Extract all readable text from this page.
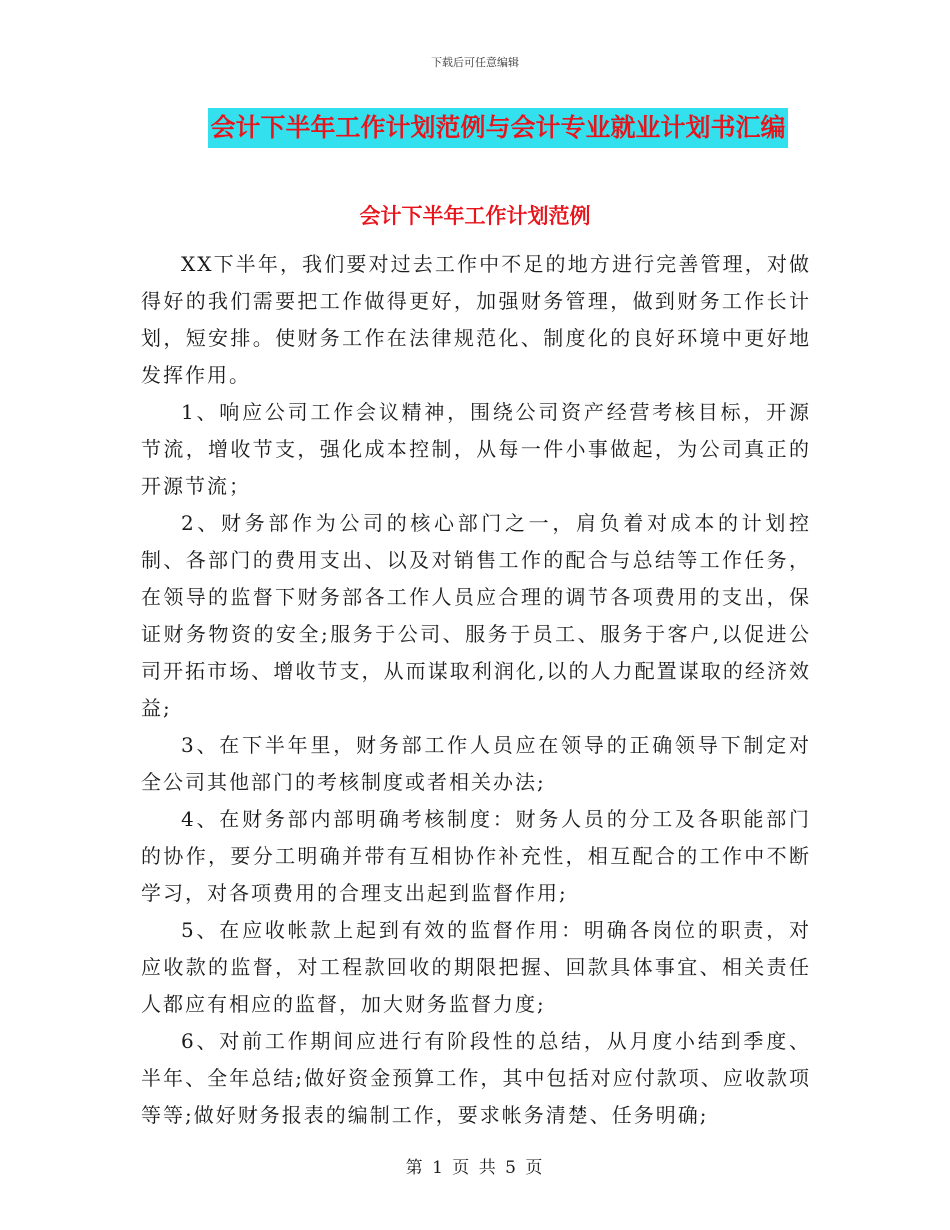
下载后可任意编辑
会计下半年工作计划范例与会计专业就业计划书汇编
会计下半年工作计划范例

XX下半年，我们要对过去工作中不足的地方进行完善管理，对做得好的我们需要把工作做得更好，加强财务管理，做到财务工作长计划，短安排。使财务工作在法律规范化、制度化的良好环境中更好地发挥作用。

1、响应公司工作会议精神，围绕公司资产经营考核目标，开源节流，增收节支，强化成本控制，从每一件小事做起，为公司真正的开源节流；

2、财务部作为公司的核心部门之一，肩负着对成本的计划控制、各部门的费用支出、以及对销售工作的配合与总结等工作任务，在领导的监督下财务部各工作人员应合理的调节各项费用的支出，保证财务物资的安全;服务于公司、服务于员工、服务于客户,以促进公司开拓市场、增收节支，从而谋取利润化,以的人力配置谋取的经济效益;

3、在下半年里，财务部工作人员应在领导的正确领导下制定对全公司其他部门的考核制度或者相关办法;

4、在财务部内部明确考核制度：财务人员的分工及各职能部门的协作，要分工明确并带有互相协作补充性，相互配合的工作中不断学习，对各项费用的合理支出起到监督作用;

5、在应收帐款上起到有效的监督作用：明确各岗位的职责，对应收款的监督，对工程款回收的期限把握、回款具体事宜、相关责任人都应有相应的监督，加大财务监督力度;

6、对前工作期间应进行有阶段性的总结，从月度小结到季度、半年、全年总结;做好资金预算工作，其中包括对应付款项、应收款项等等;做好财务报表的编制工作，要求帐务清楚、任务明确;

第 1 页 共 5 页
